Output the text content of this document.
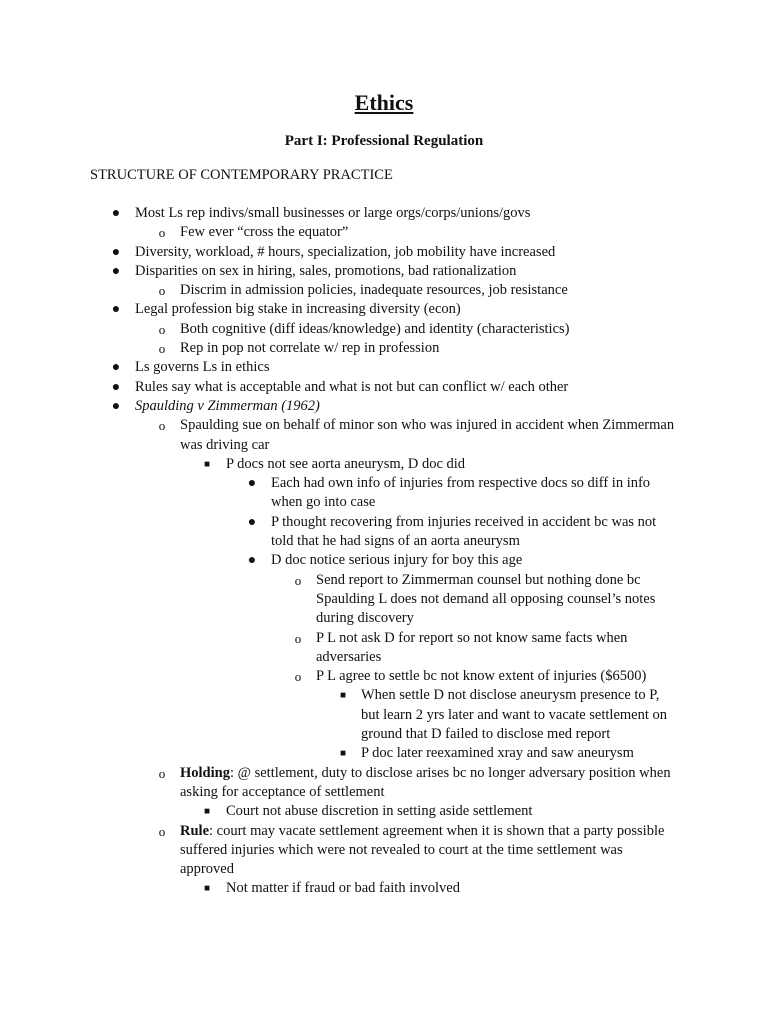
Ethics
Part I: Professional Regulation
STRUCTURE OF CONTEMPORARY PRACTICE
● Most Ls rep indivs/small businesses or large orgs/corps/unions/govs
o	Few ever “cross the equator”
● Diversity, workload, # hours, specialization, job mobility have increased
● Disparities on sex in hiring, sales, promotions, bad rationalization
o	Discrim in admission policies, inadequate resources, job resistance
● Legal profession big stake in increasing diversity (econ)
o	Both cognitive (diff ideas/knowledge) and identity (characteristics)
o	Rep in pop not correlate w/ rep in profession
● Ls governs Ls in ethics
● Rules say what is acceptable and what is not but can conflict w/ each other
● Spaulding v Zimmerman (1962)
o	Spaulding sue on behalf of minor son who was injured in accident when Zimmerman was driving car
■	P docs not see aorta aneurysm, D doc did
● Each had own info of injuries from respective docs so diff in info when go into case
● P thought recovering from injuries received in accident bc was not told that he had signs of an aorta aneurysm
● D doc notice serious injury for boy this age
o	Send report to Zimmerman counsel but nothing done bc Spaulding L does not demand all opposing counsel’s notes during discovery
o	P L not ask D for report so not know same facts when adversaries
o	P L agree to settle bc not know extent of injuries ($6500)
■	When settle D not disclose aneurysm presence to P, but learn 2 yrs later and want to vacate settlement on ground that D failed to disclose med report
■	P doc later reexamined xray and saw aneurysm
o	Holding: @ settlement, duty to disclose arises bc no longer adversary position when asking for acceptance of settlement
■	Court not abuse discretion in setting aside settlement
o	Rule: court may vacate settlement agreement when it is shown that a party possible suffered injuries which were not revealed to court at the time settlement was approved
■	Not matter if fraud or bad faith involved
